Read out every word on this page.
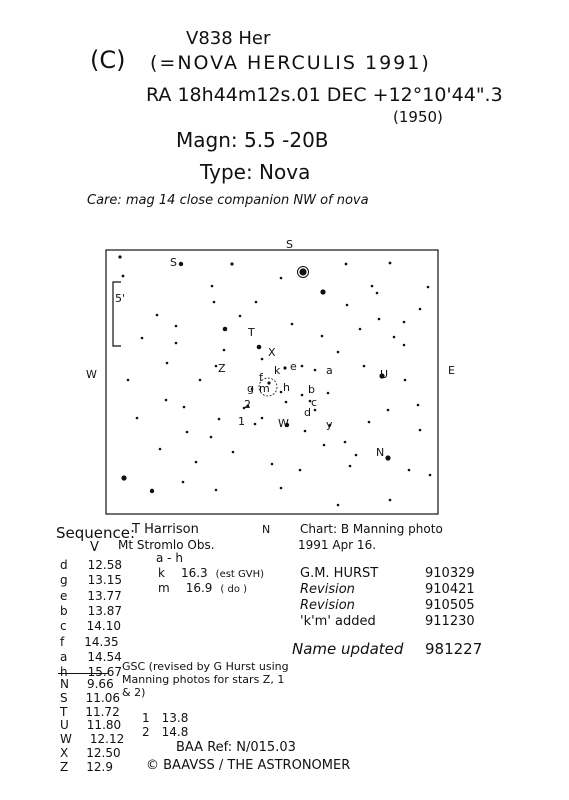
(C)
V838 Her
(=NOVA HERCULIS 1991)
RA 18h44m12s.01 DEC +12°10'44".3
(1950)
Magn: 5.5 -20B
Type: Nova
Care: mag 14 close companion NW of nova
5'
S
N
W	E
S
T
X
Z	e
k	a	U
b
c
f
g m h
2
d
1	W	y
N
Sequence:
T Harrison
Mt Stromlo Obs.
V
a - h
d 12.58
g 13.15
e 13.77
b 13.87
c 14.10
f 14.35
a 14.54
h 15.67
k 16.3 (est GVH)
m 16.9 ( do )
N 9.66
S 11.06
T 11.72
U 11.80
W 12.12
X 12.50
Z 12.9
GSC (revised by G Hurst using Manning photos for stars Z, 1 & 2)
1 13.8
2 14.8
Chart: B Manning photo
1991 Apr 16.
G.M. HURST	910329
Revision	910421
Revision	910505
'k'm' added	911230
Name updated 981227
BAA Ref: N/015.03
© BAAVSS / THE ASTRONOMER
